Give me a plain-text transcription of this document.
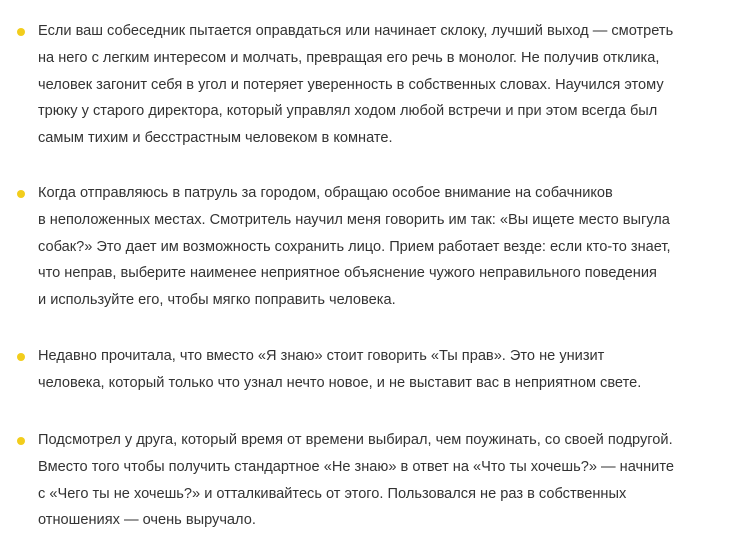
Если ваш собеседник пытается оправдаться или начинает склоку, лучший выход — смотреть
на него с легким интересом и молчать, превращая его речь в монолог. Не получив отклика,
человек загонит себя в угол и потеряет уверенность в собственных словах. Научился этому
трюку у старого директора, который управлял ходом любой встречи и при этом всегда был
самым тихим и бесстрастным человеком в комнате.
Когда отправляюсь в патруль за городом, обращаю особое внимание на собачников
в неположенных местах. Смотритель научил меня говорить им так: «Вы ищете место выгула
собак?» Это дает им возможность сохранить лицо. Прием работает везде: если кто-то знает,
что неправ, выберите наименее неприятное объяснение чужого неправильного поведения
и используйте его, чтобы мягко поправить человека.
Недавно прочитала, что вместо «Я знаю» стоит говорить «Ты прав». Это не унизит
человека, который только что узнал нечто новое, и не выставит вас в неприятном свете.
Подсмотрел у друга, который время от времени выбирал, чем поужинать, со своей подругой.
Вместо того чтобы получить стандартное «Не знаю» в ответ на «Что ты хочешь?» — начните
с «Чего ты не хочешь?» и отталкивайтесь от этого. Пользовался не раз в собственных
отношениях — очень выручало.
